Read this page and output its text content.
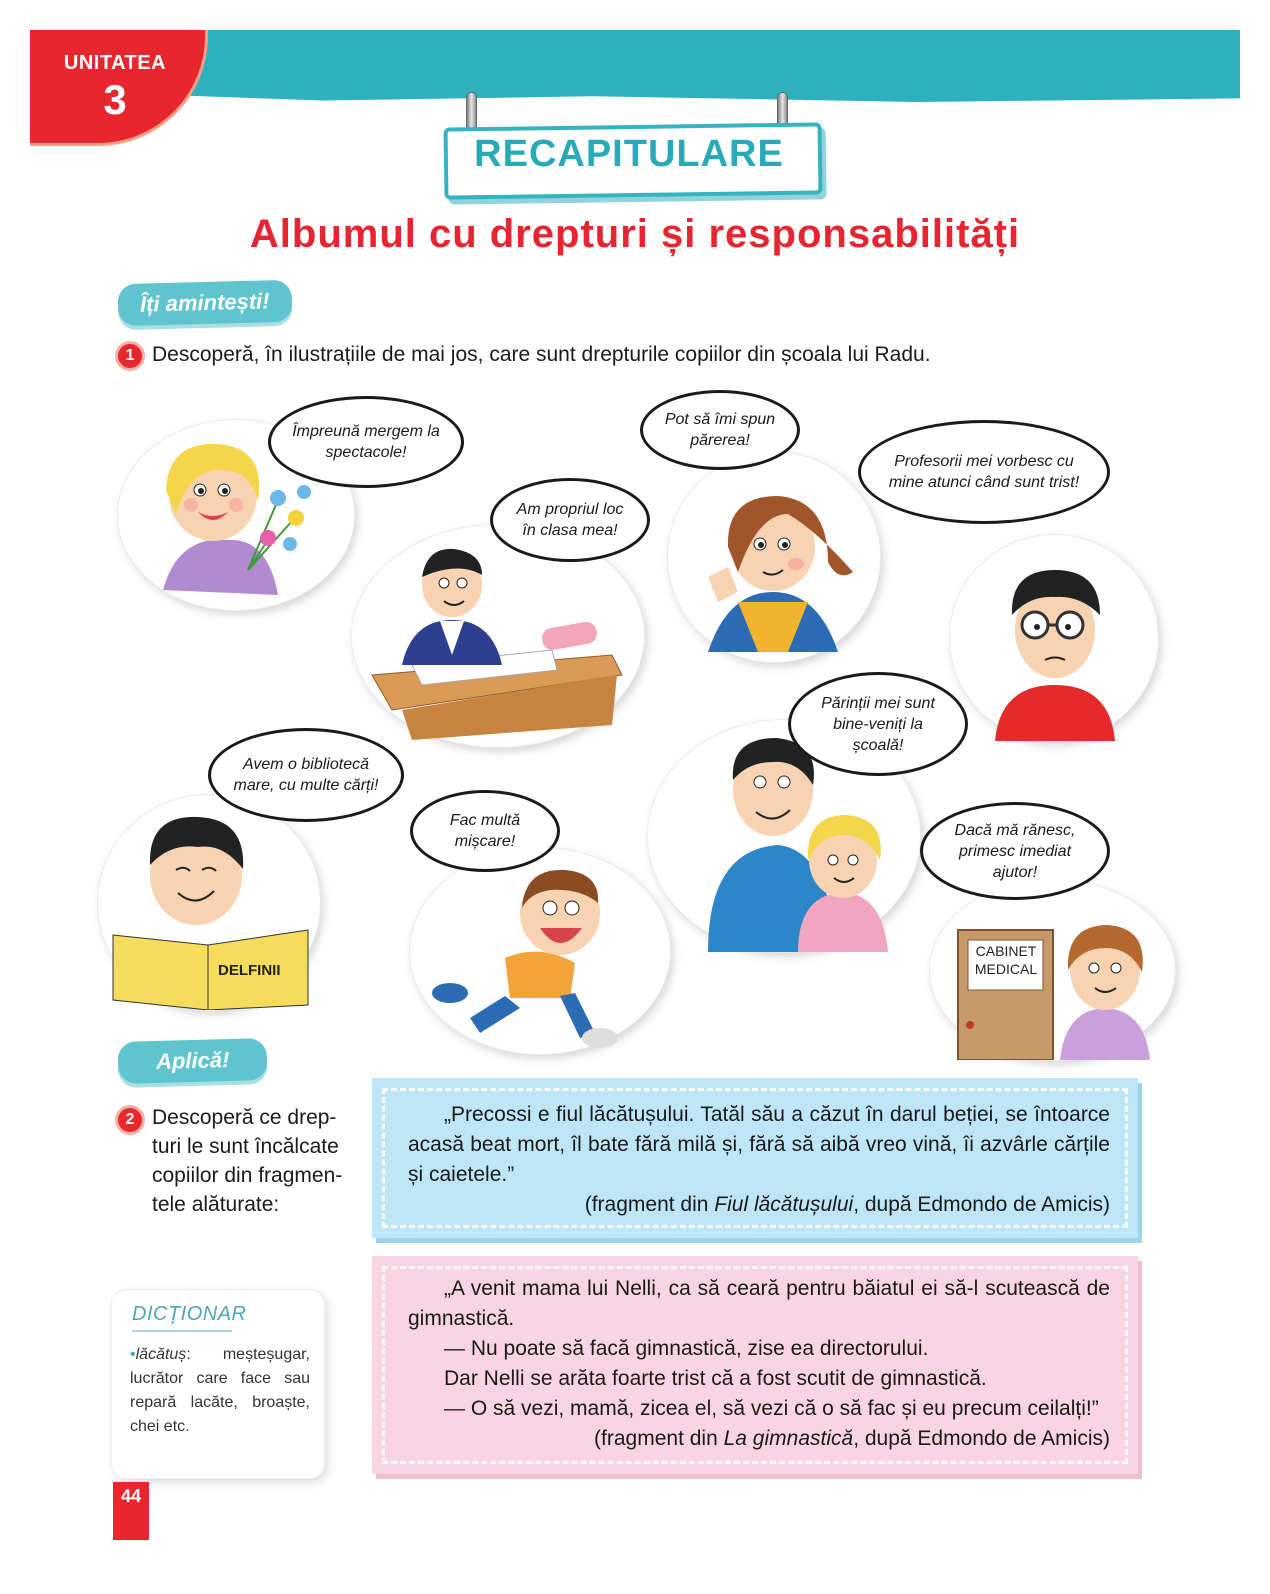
UNITATEA
3
RECAPITULARE
Albumul cu drepturi și responsabilități
Îți amintești!
1 Descoperă, în ilustrațiile de mai jos, care sunt drepturile copiilor din școala lui Radu.
Împreună mergem la spectacole!
Am propriul loc în clasa mea!
Pot să îmi spun părerea!
Profesorii mei vorbesc cu mine atunci când sunt trist!
DELFINII
Avem o bibliotecă mare, cu multe cărți!
Fac multă mișcare!
Părinții mei sunt bine-veniți la școală!
CABINET MEDICAL
Dacă mă rănesc, primesc imediat ajutor!
Aplică!
2 Descoperă ce drep-
turi le sunt încălcate
copiilor din fragmen-
tele alăturate:
„Precossi e fiul lăcătușului. Tatăl său a căzut în darul beției, se întoarce acasă beat mort, îl bate fără milă și, fără să aibă vreo vină, îi azvârle cărțile și caietele.”
(fragment din Fiul lăcătușului, după Edmondo de Amicis)
„A venit mama lui Nelli, ca să ceară pentru băiatul ei să-l scutească de gimnastică.
— Nu poate să facă gimnastică, zise ea directorului.
Dar Nelli se arăta foarte trist că a fost scutit de gimnastică.
— O să vezi, mamă, zicea el, să vezi că o să fac și eu precum ceilalți!”
(fragment din La gimnastică, după Edmondo de Amicis)
DICȚIONAR
•lăcătuș: meșteșugar, lucrător care face sau repară lacăte, broaște, chei etc.
44
